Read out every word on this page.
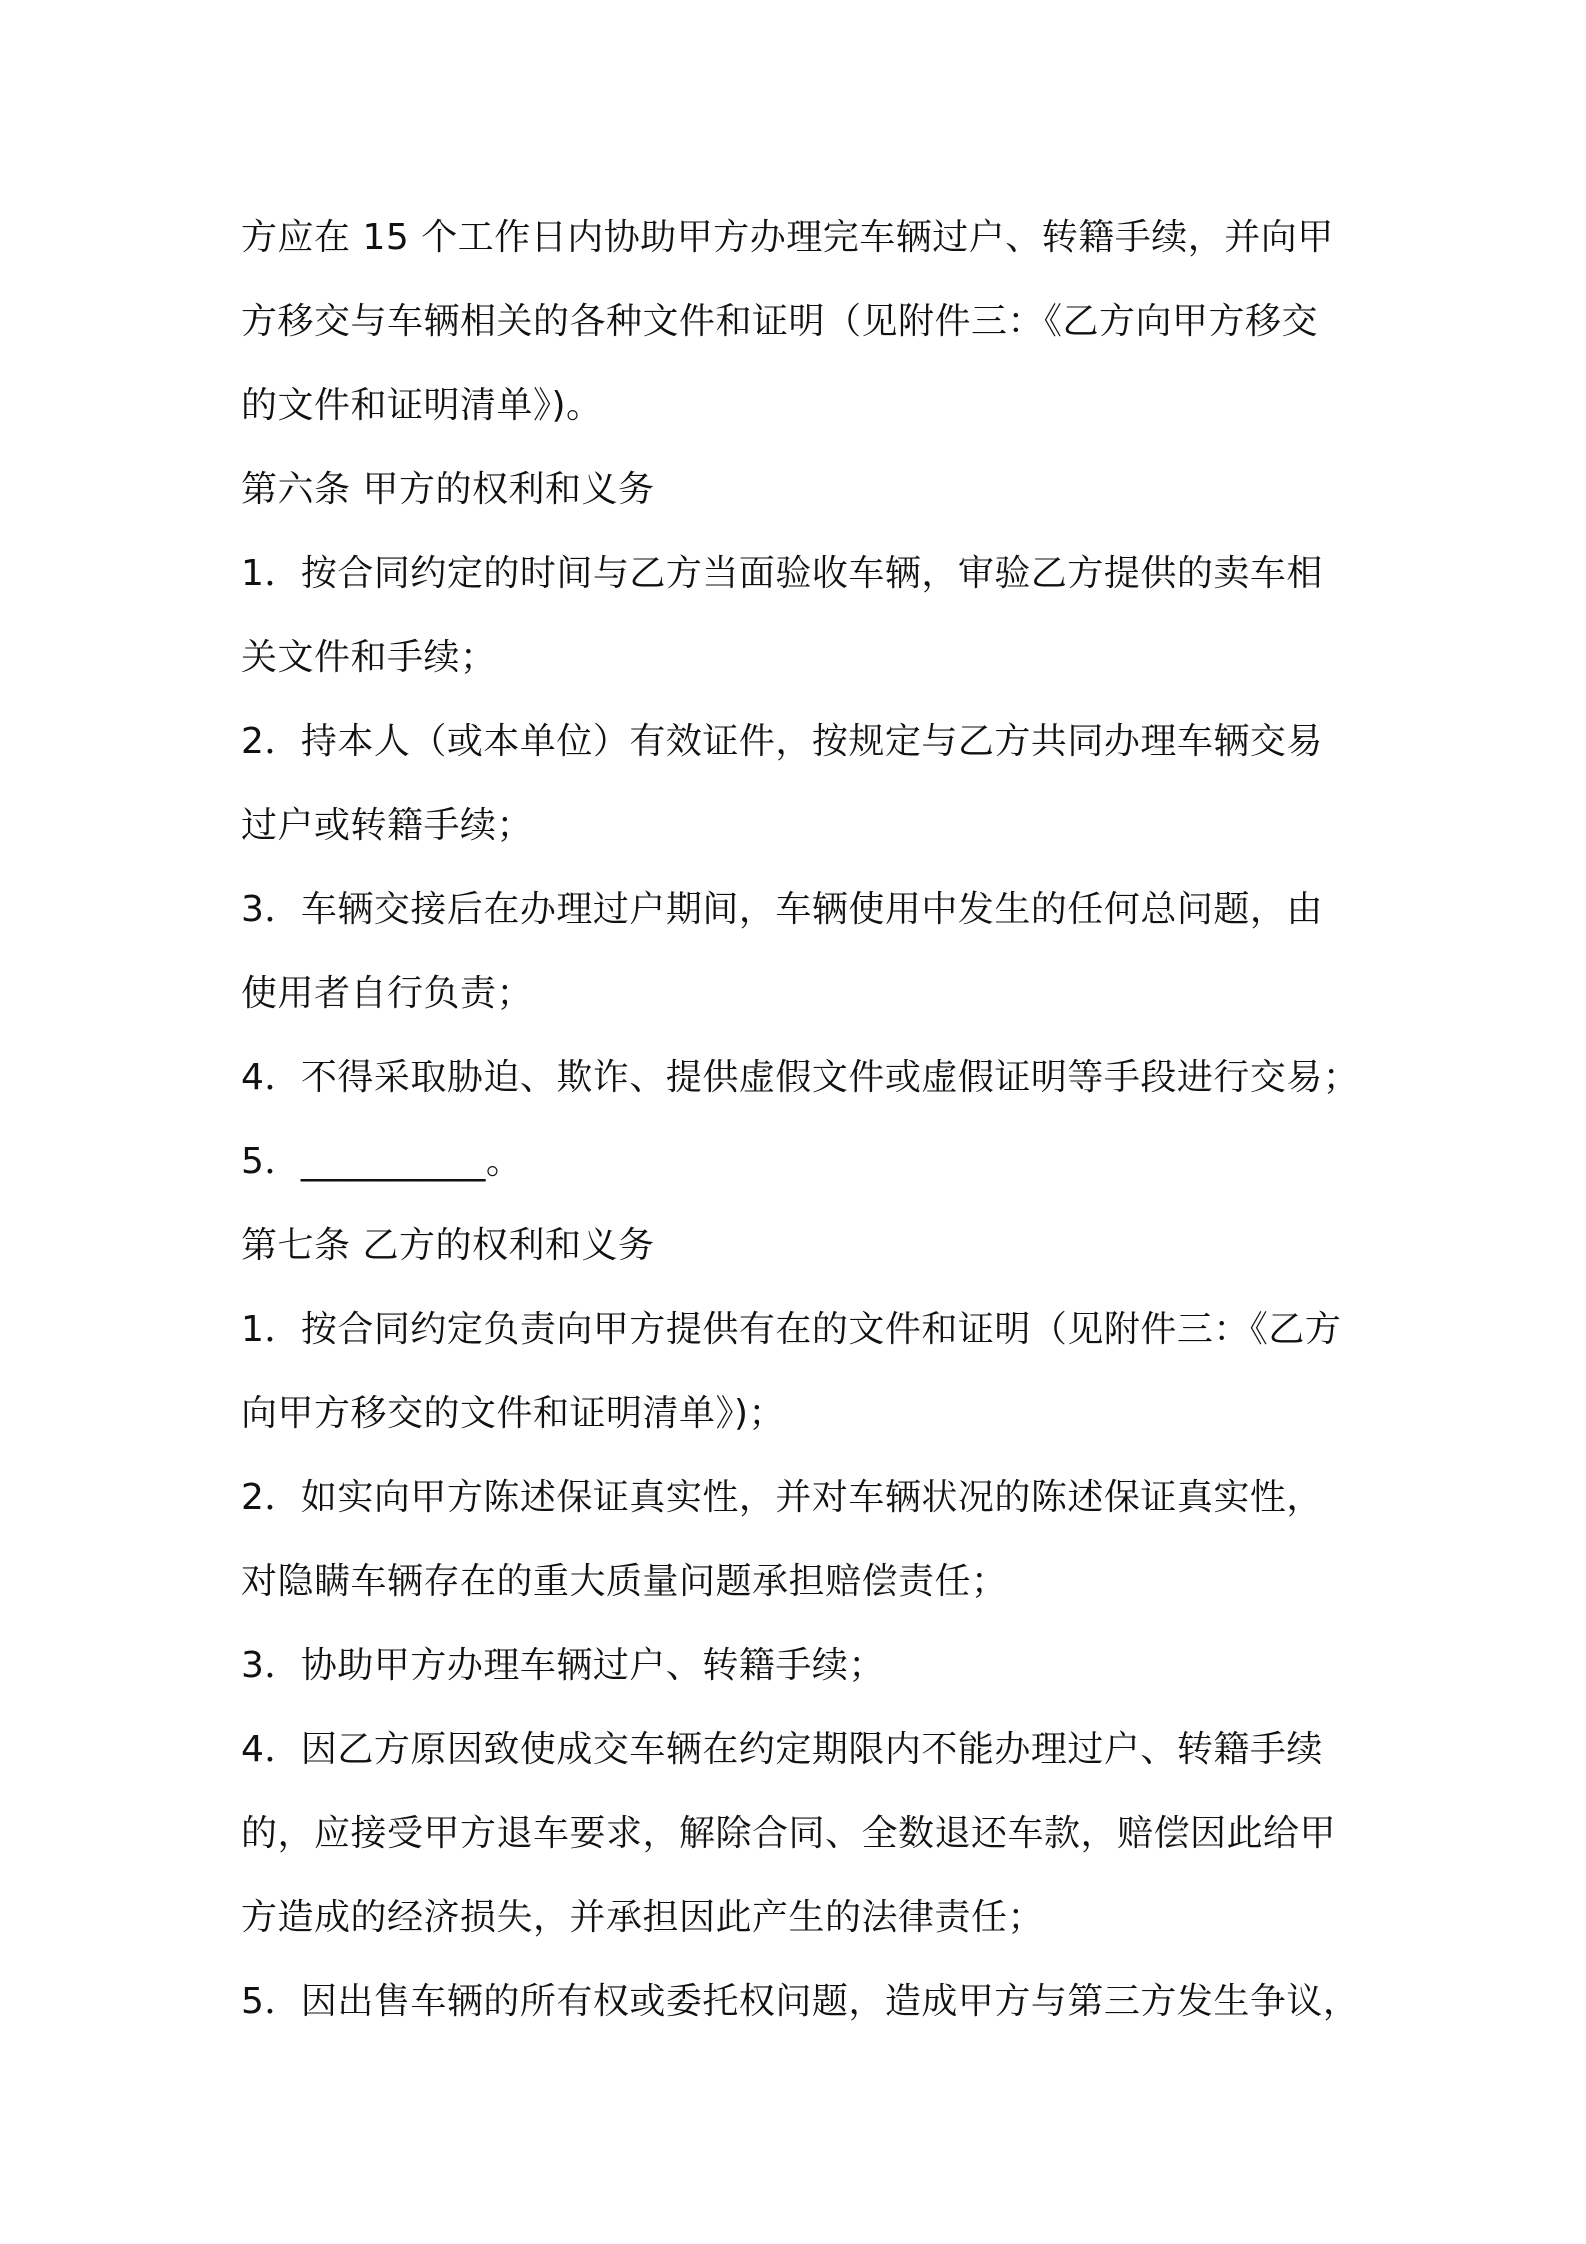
方应在 15 个工作日内协助甲方办理完车辆过户、转籍手续，并向甲
方移交与车辆相关的各种文件和证明（见附件三：《乙方向甲方移交
的文件和证明清单》)。
第六条 甲方的权利和义务
1．按合同约定的时间与乙方当面验收车辆，审验乙方提供的卖车相
关文件和手续；
2．持本人（或本单位）有效证件，按规定与乙方共同办理车辆交易
过户或转籍手续；
3．车辆交接后在办理过户期间，车辆使用中发生的任何总问题，由
使用者自行负责；
4．不得采取胁迫、欺诈、提供虚假文件或虚假证明等手段进行交易；
5．__________。
第七条 乙方的权利和义务
1．按合同约定负责向甲方提供有在的文件和证明（见附件三：《乙方
向甲方移交的文件和证明清单》)；
2．如实向甲方陈述保证真实性，并对车辆状况的陈述保证真实性，
对隐瞒车辆存在的重大质量问题承担赔偿责任；
3．协助甲方办理车辆过户、转籍手续；
4．因乙方原因致使成交车辆在约定期限内不能办理过户、转籍手续
的，应接受甲方退车要求，解除合同、全数退还车款，赔偿因此给甲
方造成的经济损失，并承担因此产生的法律责任；
5．因出售车辆的所有权或委托权问题，造成甲方与第三方发生争议，
